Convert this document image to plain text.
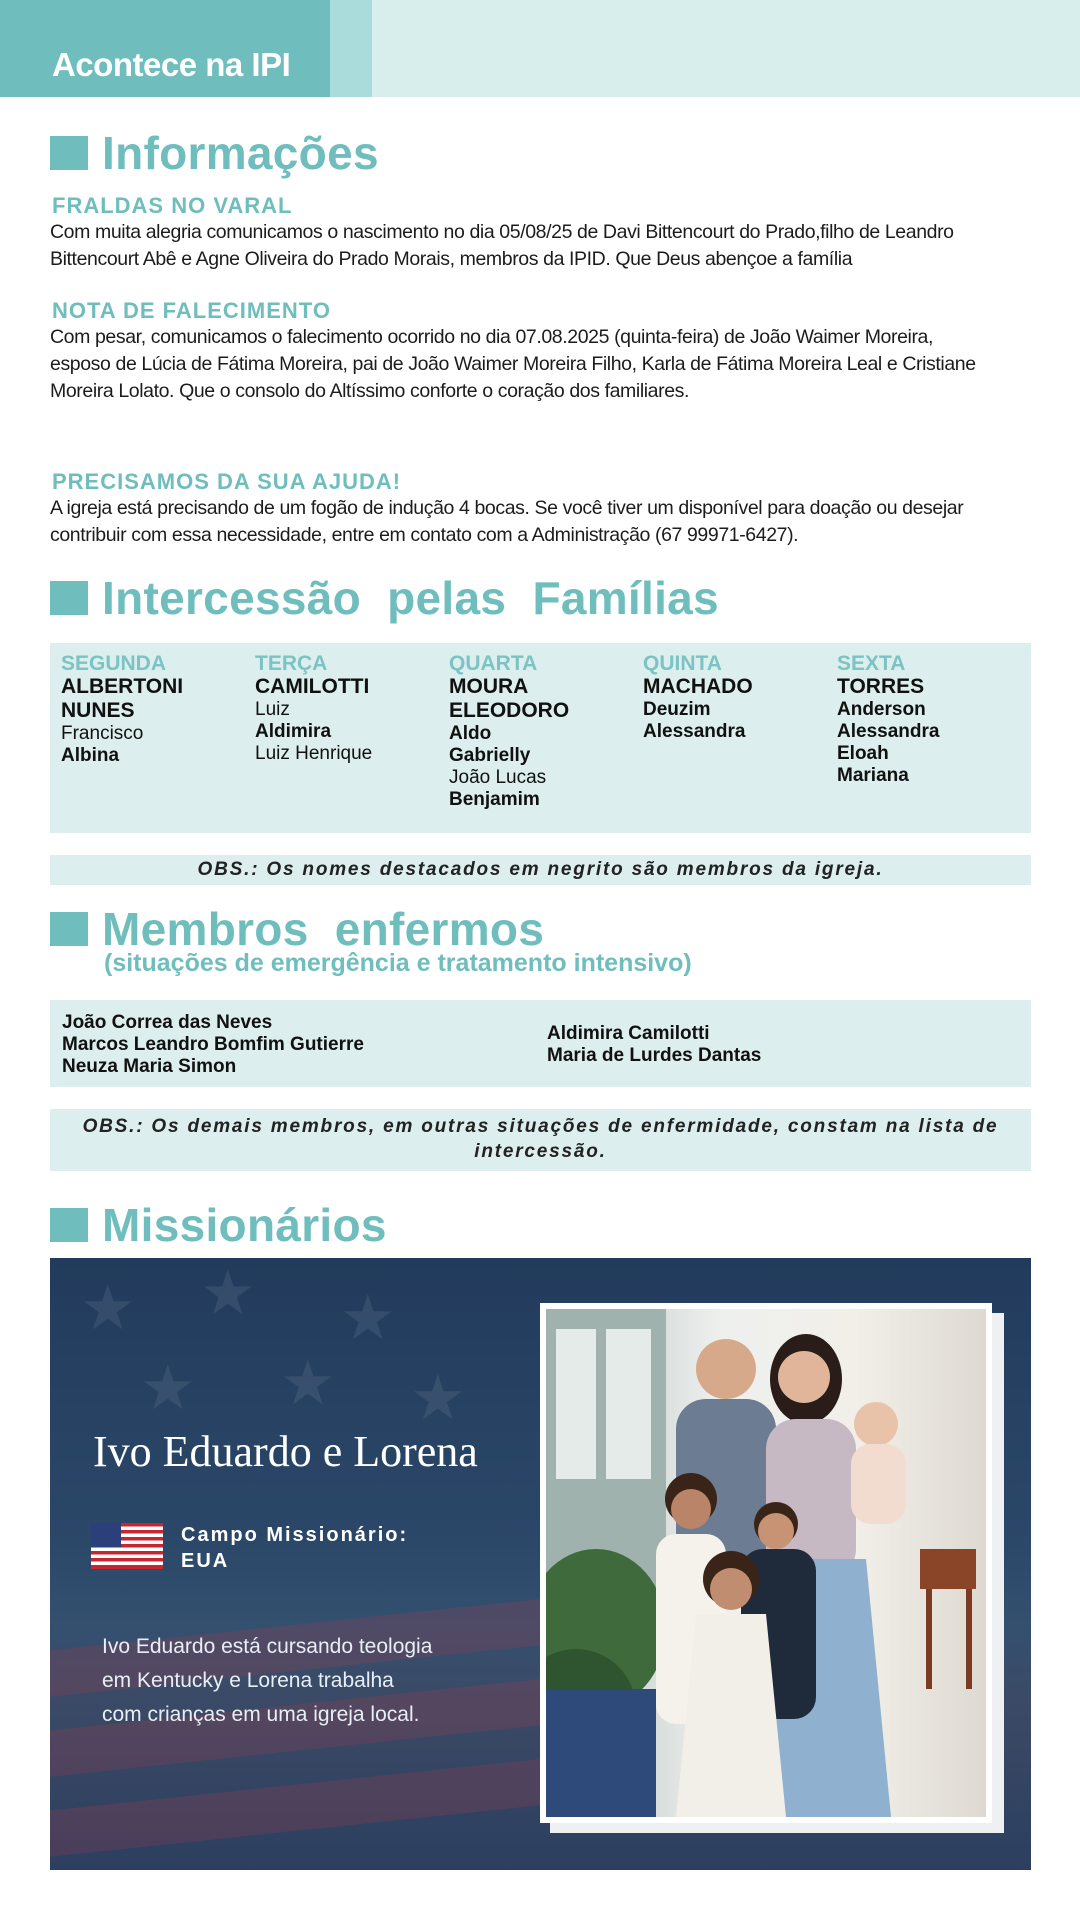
Acontece na IPI
Informações
FRALDAS NO VARAL
Com muita alegria comunicamos o nascimento no dia 05/08/25 de Davi Bittencourt do Prado,filho de Leandro
Bittencourt Abê e Agne Oliveira do Prado Morais, membros da IPID. Que Deus abençoe a família
NOTA DE FALECIMENTO
Com pesar, comunicamos o falecimento ocorrido no dia 07.08.2025 (quinta-feira) de João Waimer Moreira,
esposo de Lúcia de Fátima Moreira, pai de João Waimer Moreira Filho, Karla de Fátima Moreira Leal e Cristiane
Moreira Lolato. Que o consolo do Altíssimo conforte o coração dos familiares.
PRECISAMOS DA SUA AJUDA!
A igreja está precisando de um fogão de indução 4 bocas. Se você tiver um disponível para doação ou desejar
contribuir com essa necessidade, entre em contato com a Administração (67 99971-6427).
Intercessão  pelas  Famílias
SEGUNDA
ALBERTONI
NUNES
Francisco
Albina
TERÇA
CAMILOTTI
Luiz
Aldimira
Luiz Henrique
QUARTA
MOURA
ELEODORO
Aldo
Gabrielly
João Lucas
Benjamim
QUINTA
MACHADO
Deuzim
Alessandra
SEXTA
TORRES
Anderson
Alessandra
Eloah
Mariana
OBS.: Os nomes destacados em negrito são membros da igreja.
Membros  enfermos
(situações de emergência e tratamento intensivo)
João Correa das Neves
Marcos Leandro Bomfim Gutierre
Neuza Maria Simon
Aldimira Camilotti
Maria de Lurdes Dantas
OBS.: Os demais membros, em outras situações de enfermidade, constam na lista de
intercessão.
Missionários
★ ★ ★
★ ★ ★
Ivo Eduardo e Lorena
Campo Missionário:
EUA
Ivo Eduardo está cursando teologia
em Kentucky e Lorena trabalha
com crianças em uma igreja local.
